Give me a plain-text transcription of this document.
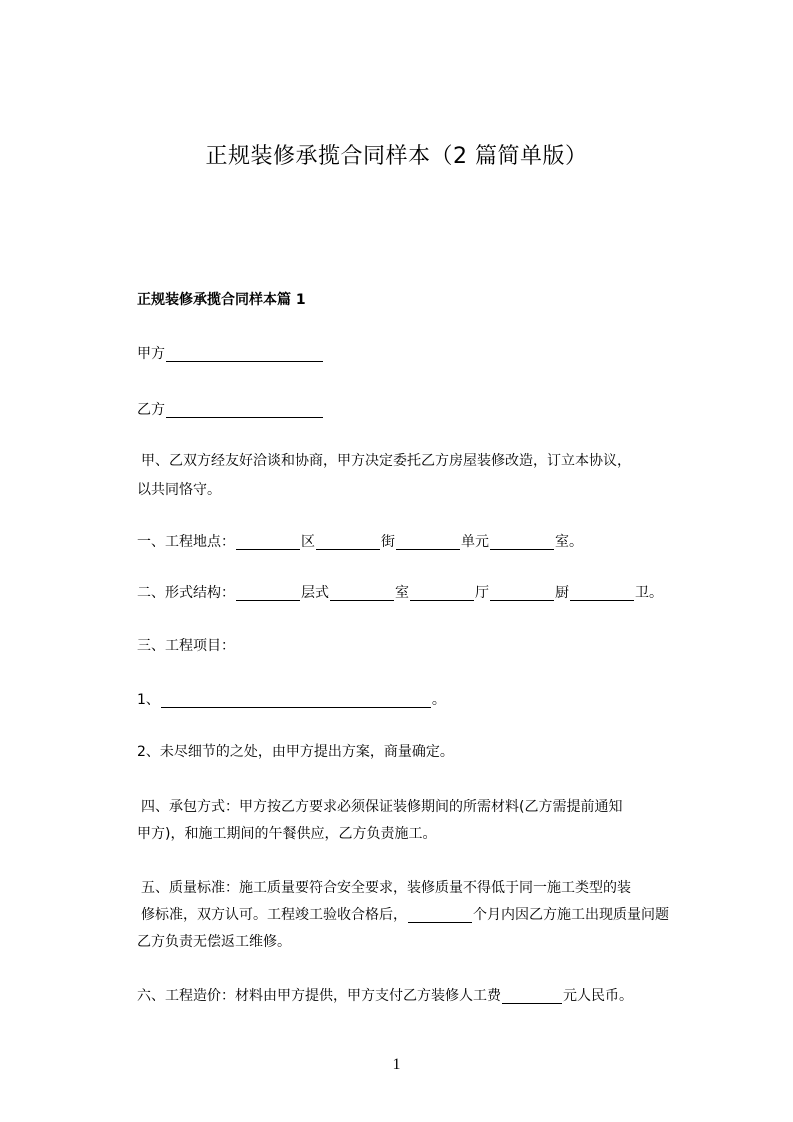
正规装修承揽合同样本（2 篇简单版）
正规装修承揽合同样本篇 1
甲方
乙方
甲、乙双方经友好洽谈和协商，甲方决定委托乙方房屋装修改造，订立本协议，
以共同恪守。
一、工程地点：	区	街	单元	室。
二、形式结构：	层式	室	厅	厨	卫。
三、工程项目：
1、	。
2、未尽细节的之处，由甲方提出方案，商量确定。
四、承包方式：甲方按乙方要求必须保证装修期间的所需材料(乙方需提前通知
甲方)，和施工期间的午餐供应，乙方负责施工。
五、质量标准：施工质量要符合安全要求，装修质量不得低于同一施工类型的装
修标准，双方认可。工程竣工验收合格后，	个月内因乙方施工出现质量问题
乙方负责无偿返工维修。
六、工程造价：材料由甲方提供，甲方支付乙方装修人工费	元人民币。
1
